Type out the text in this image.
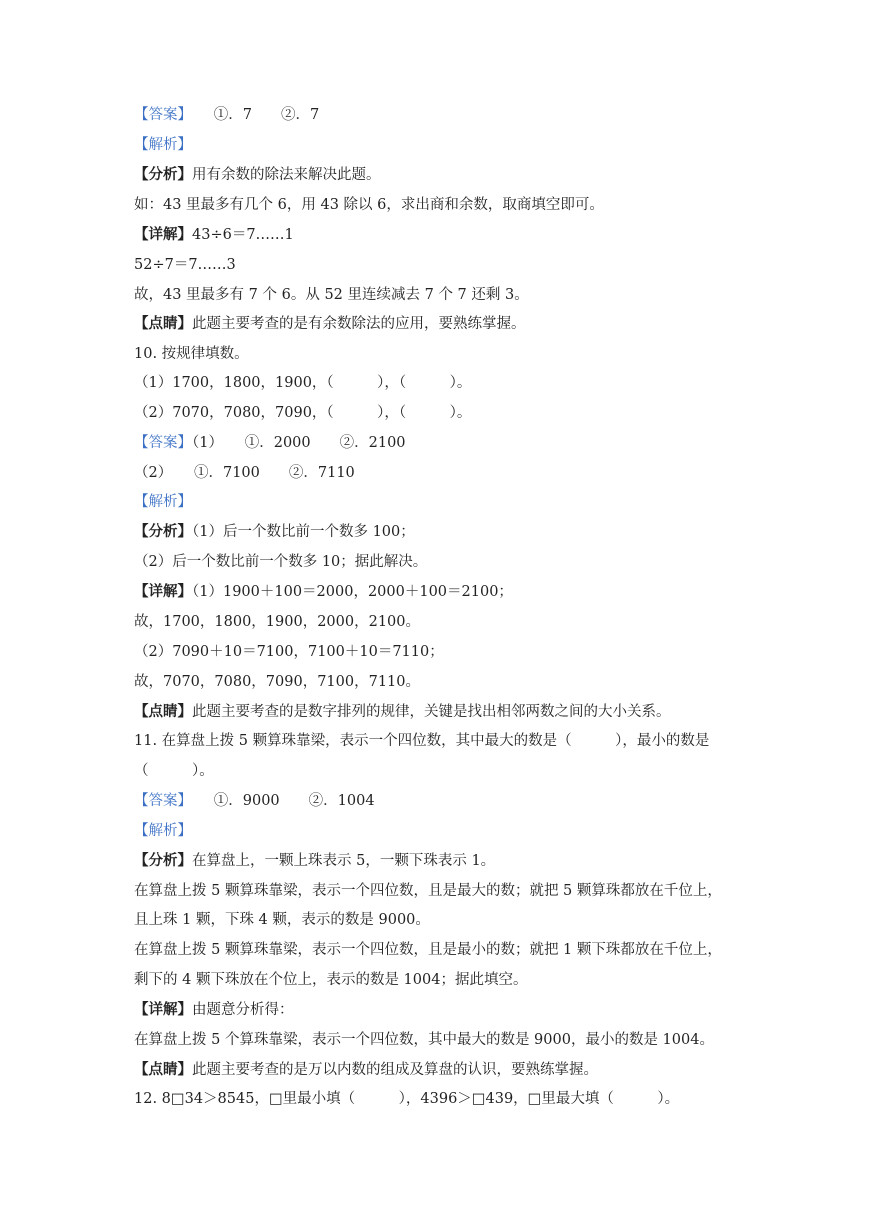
【答案】　　①．7　　②．7
【解析】
【分析】用有余数的除法来解决此题。
如：43 里最多有几个 6，用 43 除以 6，求出商和余数，取商填空即可。
【详解】43÷6＝7……1
52÷7＝7……3
故，43 里最多有 7 个 6。从 52 里连续减去 7 个 7 还剩 3。
【点睛】此题主要考查的是有余数除法的应用，要熟练掌握。
10. 按规律填数。
（1）1700，1800，1900，（　　　），（　　　）。
（2）7070，7080，7090，（　　　），（　　　）。
【答案】（1）　　①．2000　　②．2100
（2）　　①．7100　　②．7110
【解析】
【分析】（1）后一个数比前一个数多 100；
（2）后一个数比前一个数多 10；据此解决。
【详解】（1）1900＋100＝2000，2000＋100＝2100；
故，1700，1800，1900，2000，2100。
（2）7090＋10＝7100，7100＋10＝7110；
故，7070，7080，7090，7100，7110。
【点睛】此题主要考查的是数字排列的规律，关键是找出相邻两数之间的大小关系。
11. 在算盘上拨 5 颗算珠靠梁，表示一个四位数，其中最大的数是（　　　），最小的数是
（　　　）。
【答案】　　①．9000　　②．1004
【解析】
【分析】在算盘上，一颗上珠表示 5，一颗下珠表示 1。
在算盘上拨 5 颗算珠靠梁，表示一个四位数，且是最大的数；就把 5 颗算珠都放在千位上，
且上珠 1 颗，下珠 4 颗，表示的数是 9000。
在算盘上拨 5 颗算珠靠梁，表示一个四位数，且是最小的数；就把 1 颗下珠都放在千位上，
剩下的 4 颗下珠放在个位上，表示的数是 1004；据此填空。
【详解】由题意分析得：
在算盘上拨 5 个算珠靠梁，表示一个四位数，其中最大的数是 9000，最小的数是 1004。
【点睛】此题主要考查的是万以内数的组成及算盘的认识，要熟练掌握。
12. 8□34＞8545，□里最小填（　　　），4396＞□439，□里最大填（　　　）。
